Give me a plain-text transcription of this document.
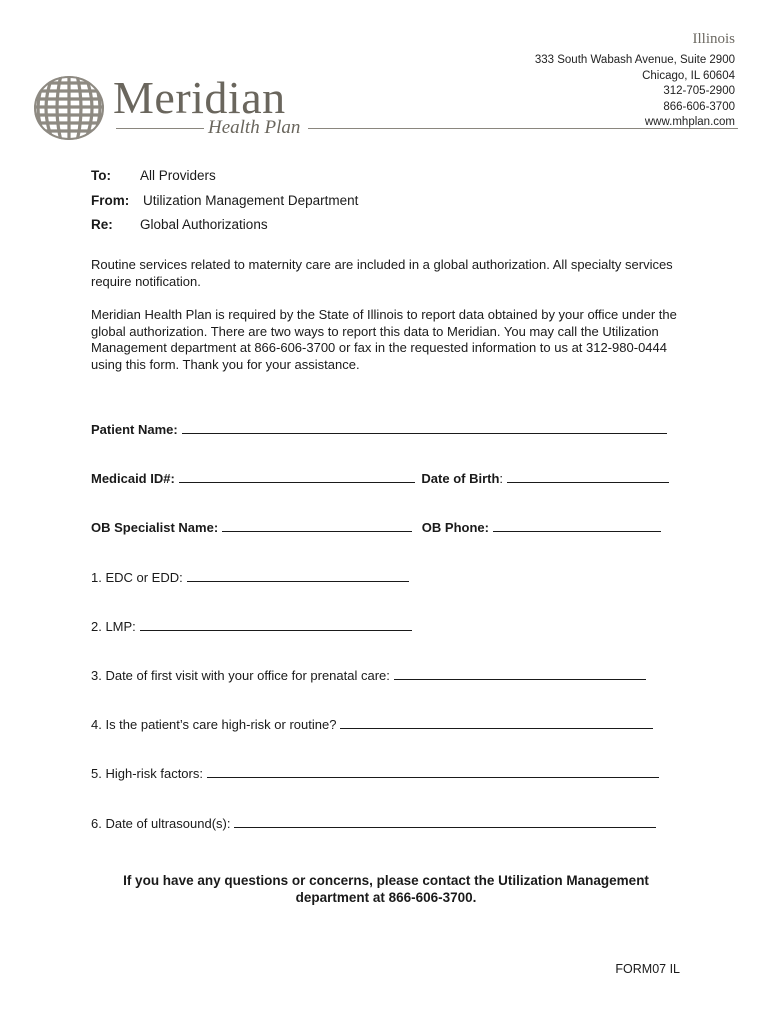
Illinois
333 South Wabash Avenue, Suite 2900
Chicago, IL 60604
312-705-2900
866-606-3700
www.mhplan.com
Meridian
Health Plan
To: All Providers
From: Utilization Management Department
Re: Global Authorizations
Routine services related to maternity care are included in a global authorization. All specialty services require notification.
Meridian Health Plan is required by the State of Illinois to report data obtained by your office under the global authorization. There are two ways to report this data to Meridian. You may call the Utilization Management department at 866-606-3700 or fax in the requested information to us at 312-980-0444 using this form. Thank you for your assistance.
Patient Name:
Medicaid ID#:	Date of Birth:
OB Specialist Name:	OB Phone:
1. EDC or EDD:
2. LMP:
3. Date of first visit with your office for prenatal care:
4. Is the patient’s care high-risk or routine?
5. High-risk factors:
6. Date of ultrasound(s):
If you have any questions or concerns, please contact the Utilization Management
department at 866-606-3700.
FORM07 IL
